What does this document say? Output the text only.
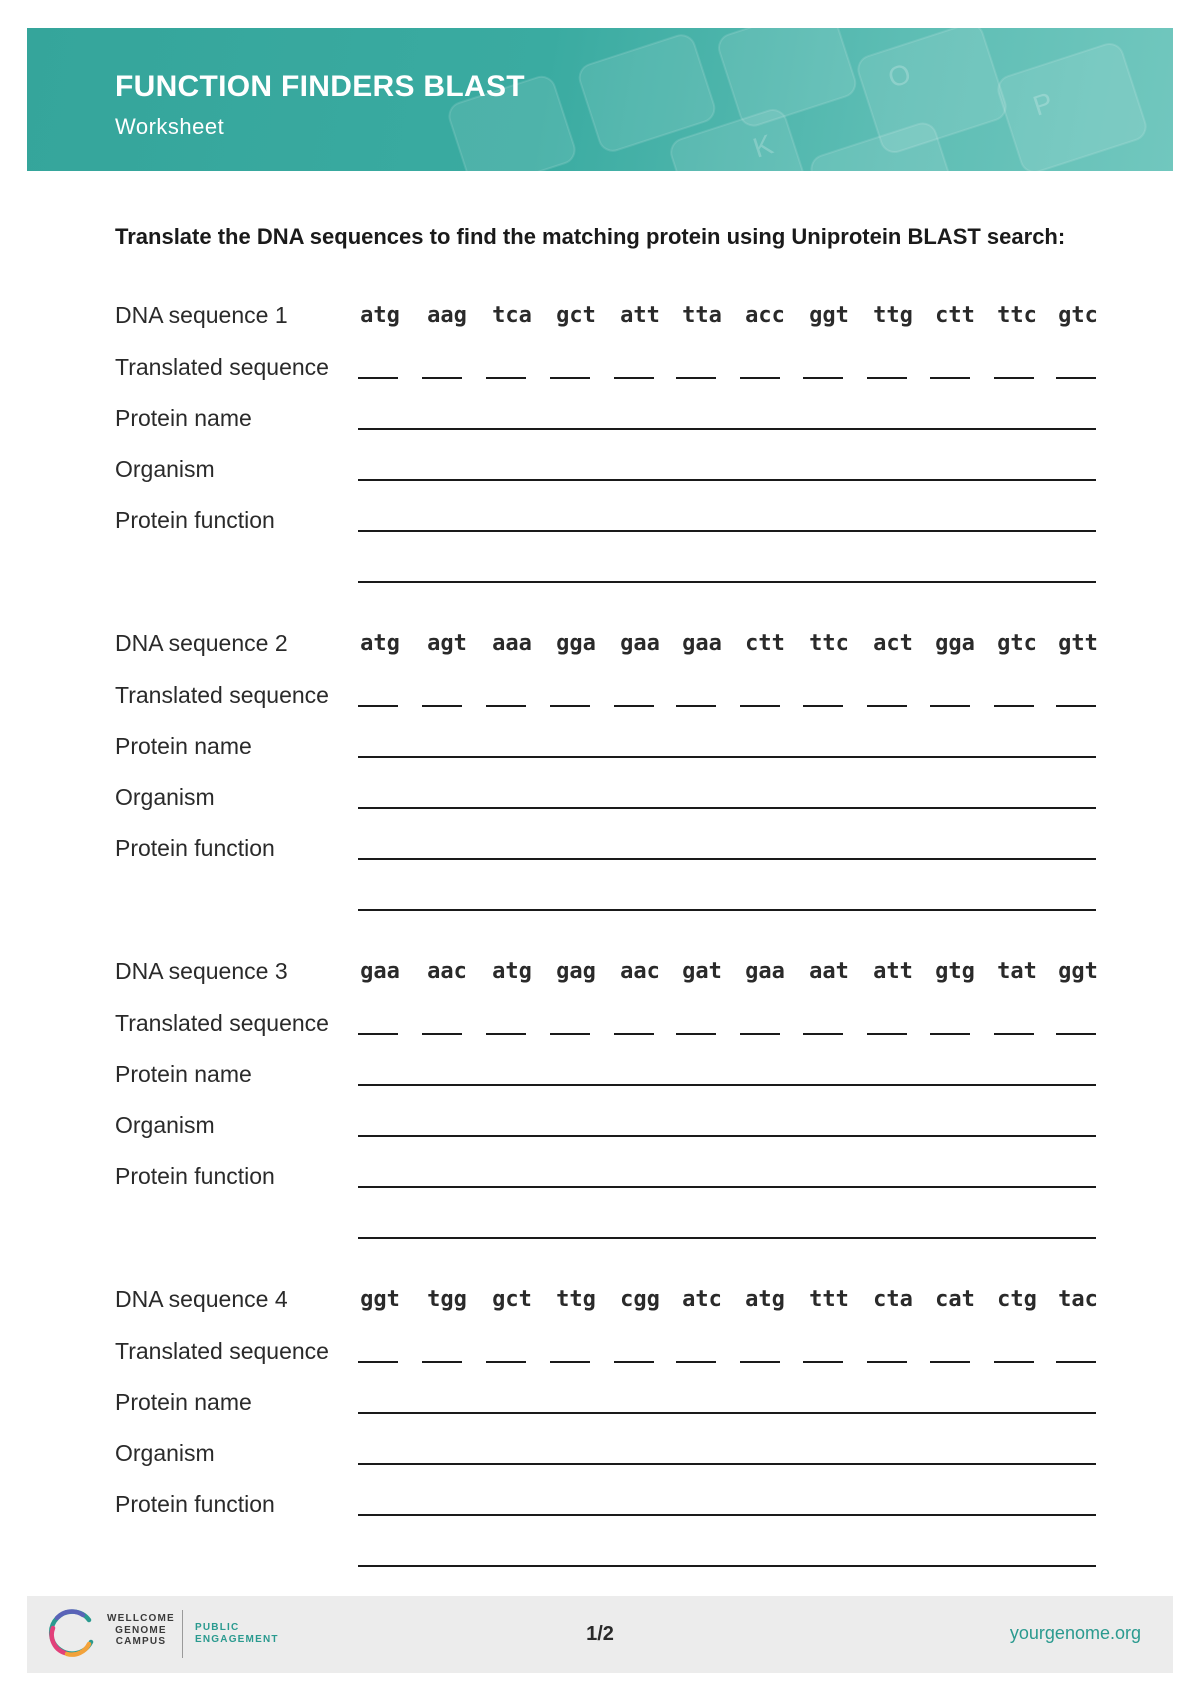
O
P
K
FUNCTION FINDERS BLAST
Worksheet
Translate the DNA sequences to find the matching protein using Uniprotein BLAST search:
DNA sequence 1
Translated sequence
Protein name
Organism
Protein function
atg aag tca gct att tta acc ggt ttg ctt ttc gtc
DNA sequence 2
Translated sequence
Protein name
Organism
Protein function
atg agt aaa gga gaa gaa ctt ttc act gga gtc gtt
DNA sequence 3
Translated sequence
Protein name
Organism
Protein function
gaa aac atg gag aac gat gaa aat att gtg tat ggt
DNA sequence 4
Translated sequence
Protein name
Organism
Protein function
ggt tgg gct ttg cgg atc atg ttt cta cat ctg tac
WELLCOME
GENOME
CAMPUS
PUBLIC
ENGAGEMENT	1/2	yourgenome.org
